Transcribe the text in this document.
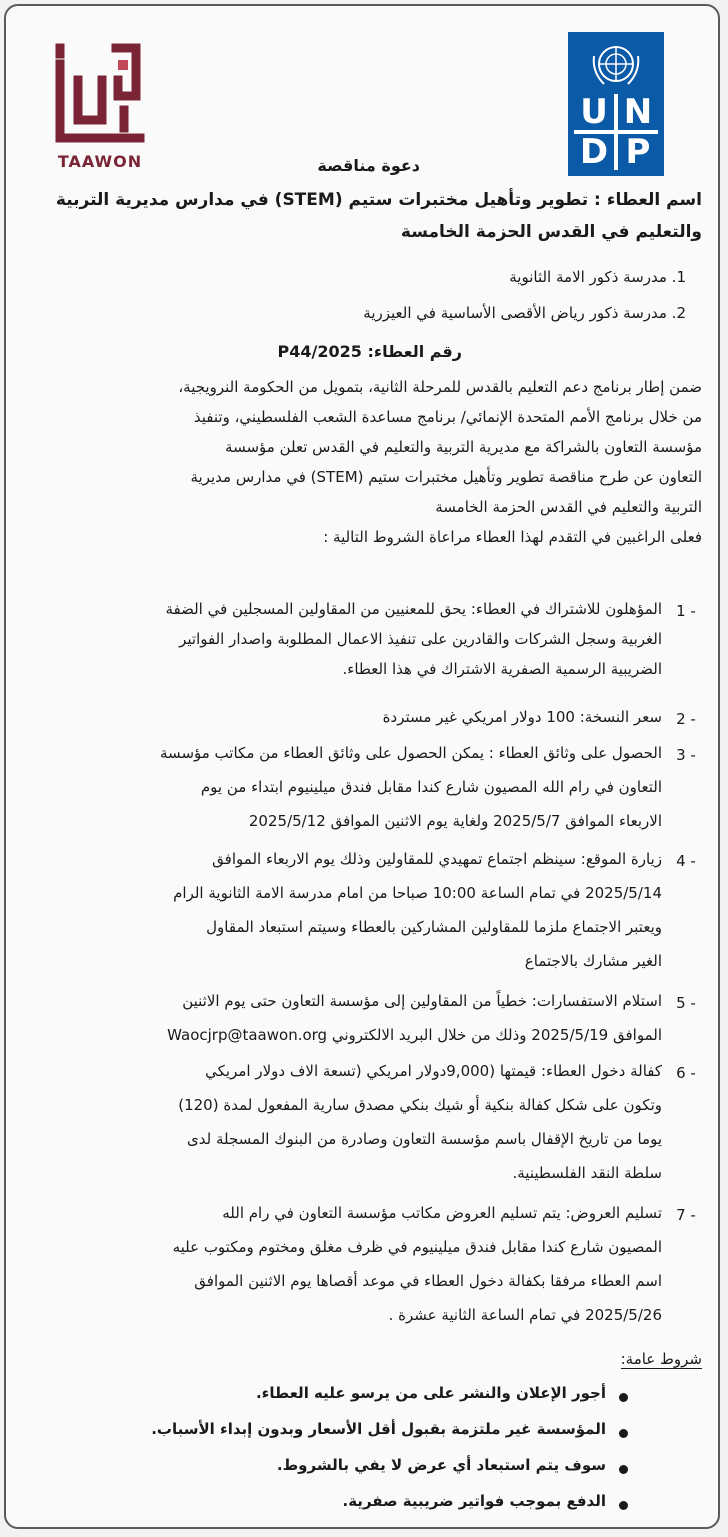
U N
D P
TAAWON	دعوة مناقصة
اسم العطاء : تطوير وتأهيل مختبرات ستيم (STEM) في مدارس مديرية التربية
والتعليم في القدس الحزمة الخامسة
1. مدرسة ذكور الامة الثانوية
2. مدرسة ذكور رياض الأقصى الأساسية في العيزرية
رقم العطاء: P44/2025
ضمن إطار برنامج دعم التعليم بالقدس للمرحلة الثانية، بتمويل من الحكومة النرويجية،
من خلال برنامج الأمم المتحدة الإنمائي/ برنامج مساعدة الشعب الفلسطيني، وتنفيذ
مؤسسة التعاون بالشراكة مع مديرية التربية والتعليم في القدس تعلن مؤسسة
التعاون عن طرح مناقصة تطوير وتأهيل مختبرات ستيم (STEM) في مدارس مديرية
التربية والتعليم في القدس الحزمة الخامسة
فعلى الراغبين في التقدم لهذا العطاء مراعاة الشروط التالية :
1 -
المؤهلون للاشتراك في العطاء: يحق للمعنيين من المقاولين المسجلين في الضفة
الغربية وسجل الشركات والقادرين على تنفيذ الاعمال المطلوبة واصدار الفواتير
الضريبية الرسمية الصفرية الاشتراك في هذا العطاء.
2 -
سعر النسخة: 100 دولار امريكي غير مستردة
3 -
الحصول على وثائق العطاء : يمكن الحصول على وثائق العطاء من مكاتب مؤسسة
التعاون في رام الله المصيون شارع كندا مقابل فندق ميلينيوم ابتداء من يوم
الاربعاء الموافق 2025/5/7 ولغاية يوم الاثنين الموافق 2025/5/12
4 -
زيارة الموقع: سينظم اجتماع تمهيدي للمقاولين وذلك يوم الاربعاء الموافق
2025/5/14 في تمام الساعة 10:00 صباحا من امام مدرسة الامة الثانوية الرام
ويعتبر الاجتماع ملزما للمقاولين المشاركين بالعطاء وسيتم استبعاد المقاول
الغير مشارك بالاجتماع
5 -
استلام الاستفسارات: خطياً من المقاولين إلى مؤسسة التعاون حتى يوم الاثنين
الموافق 2025/5/19 وذلك من خلال البريد الالكتروني Waocjrp@taawon.org
6 -
كفالة دخول العطاء: قيمتها (9,000دولار امريكي (تسعة الاف دولار امريكي
وتكون على شكل كفالة بنكية أو شيك بنكي مصدق سارية المفعول لمدة (120)
يوما من تاريخ الإقفال باسم مؤسسة التعاون وصادرة من البنوك المسجلة لدى
سلطة النقد الفلسطينية.
7 -
تسليم العروض: يتم تسليم العروض مكاتب مؤسسة التعاون في رام الله
المصيون شارع كندا مقابل فندق ميلينيوم في ظرف مغلق ومختوم ومكتوب عليه
اسم العطاء مرفقا بكفالة دخول العطاء في موعد أقصاها يوم الاثنين الموافق
2025/5/26 في تمام الساعة الثانية عشرة .
شروط عامة:
أجور الإعلان والنشر على من يرسو عليه العطاء.
المؤسسة غير ملتزمة بقبول أقل الأسعار وبدون إبداء الأسباب.
سوف يتم استبعاد أي عرض لا يفي بالشروط.
الدفع بموجب فواتير ضريبية صفرية.
